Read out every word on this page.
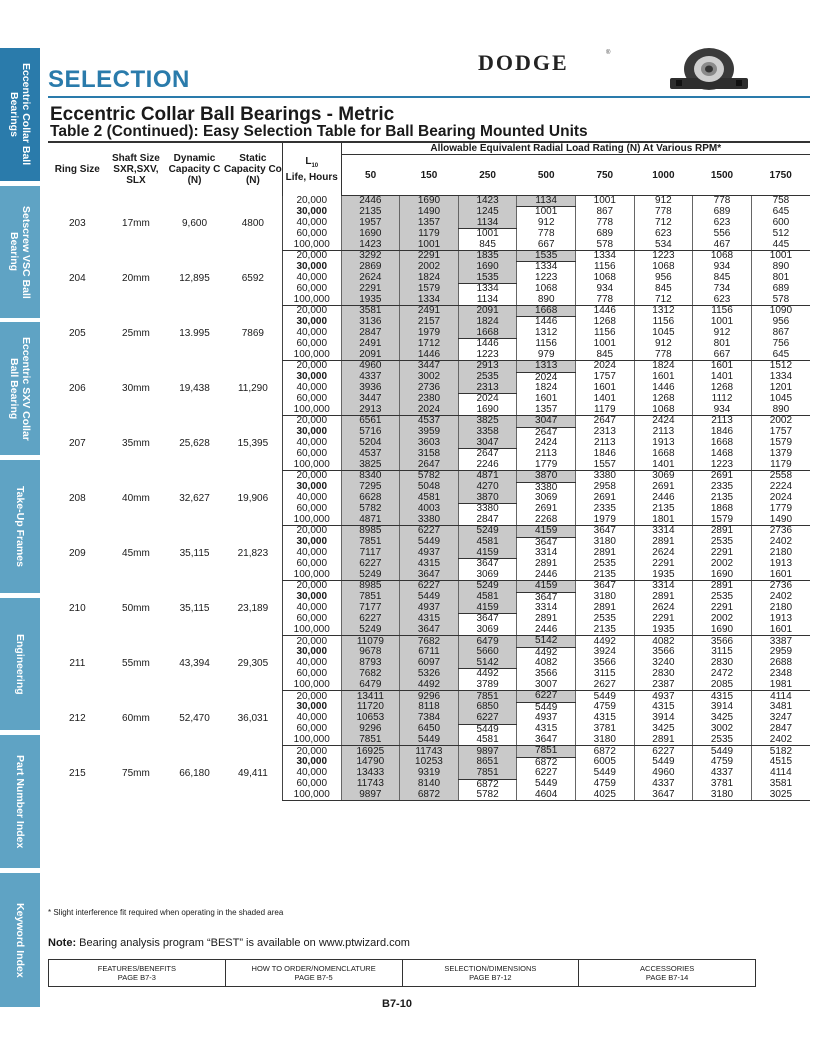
Eccentric Collar Ball
Bearings
Setscrew VSC Ball
Bearing
Eccentric SXV Collar
Ball Bearing
Take-Up Frames
Engineering
Part Number Index
Keyword Index
SELECTION
DODGE	®
Eccentric Collar Ball Bearings - Metric
Table 2 (Continued): Easy Selection Table for Ball Bearing Mounted Units
Ring Size	Shaft Size SXR,SXV, SLX	Dynamic Capacity C (N)	Static Capacity Co (N)	$L_{10}$
Life, Hours	Allowable Equivalent Radial Load Rating (N) At Various RPM*							
					50	150	250	500	750	1000	1500	1750
203	17mm	9,600	4800	20,000	2446	1690	1423	1134	1001	912	778	758
				30,000	2135	1490	1245	1001	867	778	689	645
				40,000	1957	1357	1134	912	778	712	623	600
				60,000	1690	1179	1001	778	689	623	556	512
				100,000	1423	1001	845	667	578	534	467	445
204	20mm	12,895	6592	20,000	3292	2291	1835	1535	1334	1223	1068	1001
				30,000	2869	2002	1690	1334	1156	1068	934	890
				40,000	2624	1824	1535	1223	1068	956	845	801
				60,000	2291	1579	1334	1068	934	845	734	689
				100,000	1935	1334	1134	890	778	712	623	578
205	25mm	13.995	7869	20,000	3581	2491	2091	1668	1446	1312	1156	1090
				30,000	3136	2157	1824	1446	1268	1156	1001	956
				40,000	2847	1979	1668	1312	1156	1045	912	867
				60,000	2491	1712	1446	1156	1001	912	801	756
				100,000	2091	1446	1223	979	845	778	667	645
206	30mm	19,438	11,290	20,000	4960	3447	2913	1313	2024	1824	1601	1512
				30,000	4337	3002	2535	2024	1757	1601	1401	1334
				40,000	3936	2736	2313	1824	1601	1446	1268	1201
				60,000	3447	2380	2024	1601	1401	1268	1112	1045
				100,000	2913	2024	1690	1357	1179	1068	934	890
207	35mm	25,628	15,395	20,000	6561	4537	3825	3047	2647	2424	2113	2002
				30,000	5716	3959	3358	2647	2313	2113	1846	1757
				40,000	5204	3603	3047	2424	2113	1913	1668	1579
				60,000	4537	3158	2647	2113	1846	1668	1468	1379
				100,000	3825	2647	2246	1779	1557	1401	1223	1179
208	40mm	32,627	19,906	20,000	8340	5782	4871	3870	3380	3069	2691	2558
				30,000	7295	5048	4270	3380	2958	2691	2335	2224
				40,000	6628	4581	3870	3069	2691	2446	2135	2024
				60,000	5782	4003	3380	2691	2335	2135	1868	1779
				100,000	4871	3380	2847	2268	1979	1801	1579	1490
209	45mm	35,115	21,823	20,000	8985	6227	5249	4159	3647	3314	2891	2736
				30,000	7851	5449	4581	3647	3180	2891	2535	2402
				40,000	7117	4937	4159	3314	2891	2624	2291	2180
				60,000	6227	4315	3647	2891	2535	2291	2002	1913
				100,000	5249	3647	3069	2446	2135	1935	1690	1601
210	50mm	35,115	23,189	20,000	8985	6227	5249	4159	3647	3314	2891	2736
				30,000	7851	5449	4581	3647	3180	2891	2535	2402
				40,000	7177	4937	4159	3314	2891	2624	2291	2180
				60,000	6227	4315	3647	2891	2535	2291	2002	1913
				100,000	5249	3647	3069	2446	2135	1935	1690	1601
211	55mm	43,394	29,305	20,000	11079	7682	6479	5142	4492	4082	3566	3387
				30,000	9678	6711	5660	4492	3924	3566	3115	2959
				40,000	8793	6097	5142	4082	3566	3240	2830	2688
				60,000	7682	5326	4492	3566	3115	2830	2472	2348
				100,000	6479	4492	3789	3007	2627	2387	2085	1981
212	60mm	52,470	36,031	20,000	13411	9296	7851	6227	5449	4937	4315	4114
				30,000	11720	8118	6850	5449	4759	4315	3914	3481
				40,000	10653	7384	6227	4937	4315	3914	3425	3247
				60,000	9296	6450	5449	4315	3781	3425	3002	2847
				100,000	7851	5449	4581	3647	3180	2891	2535	2402
215	75mm	66,180	49,411	20,000	16925	11743	9897	7851	6872	6227	5449	5182
				30,000	14790	10253	8651	6872	6005	5449	4759	4515
				40,000	13433	9319	7851	6227	5449	4960	4337	4114
				60,000	11743	8140	6872	5449	4759	4337	3781	3581
				100,000	9897	6872	5782	4604	4025	3647	3180	3025
* Slight interference fit required when operating in the shaded area
Note: Bearing analysis program “BEST” is available on www.ptwizard.com
FEATURES/BENEFITS
PAGE B7-3
HOW TO ORDER/NOMENCLATURE
PAGE B7-5
SELECTION/DIMENSIONS
PAGE B7-12
ACCESSORIES
PAGE B7-14
B7-10
